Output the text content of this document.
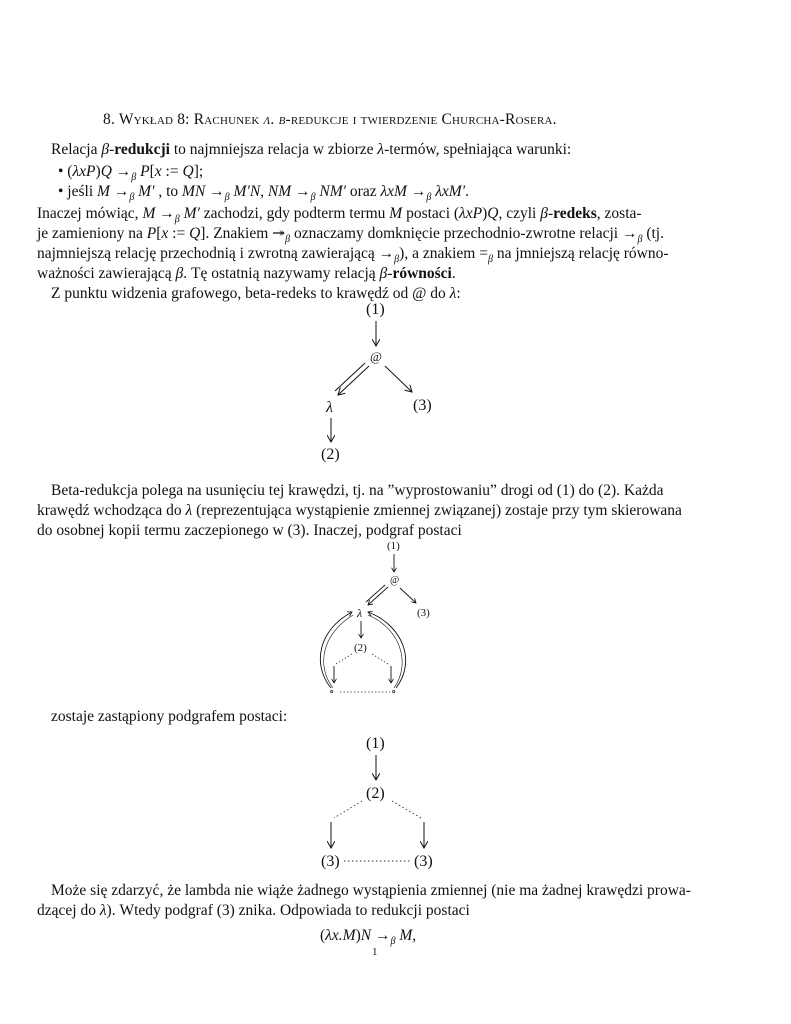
8. Wykład 8: Rachunek λ. β-redukcje i twierdzenie Churcha-Rosera.
Relacja β-redukcji to najmniejsza relacja w zbiorze λ-termów, spełniająca warunki:
• $(\lambda xP)Q \to_\beta$ P[x := Q];
• jeśli $M \to_\beta$ M′ , to MN $\to_\beta$ M′N, NM $\to_\beta$ NM′ oraz $\lambda xM \to_\beta$ λxM′.
Inaczej mówiąc, $M \to_\beta$ M′ zachodzi, gdy podterm termu M postaci (λxP)Q, czyli β-redeks, zosta-
je zamieniony na P[x := Q]. Znakiem $↠_\beta$ oznaczamy domknięcie przechodnio-zwrotne relacji $\to_\beta$ (tj.
najmniejszą relację przechodnią i zwrotną zawierającą $\to_\beta$), a znakiem $=_\beta$ na jmniejszą relację równo-
ważności zawierającą β. Tę ostatnią nazywamy relacją β-równości.
Z punktu widzenia grafowego, beta-redeks to krawędź od @ do λ:
(1)
@
λ	(3)
(2)
Beta-redukcja polega na usunięciu tej krawędzi, tj. na ”wyprostowaniu” drogi od (1) do (2). Każda
krawędź wchodząca do λ (reprezentująca wystąpienie zmiennej związanej) zostaje przy tym skierowana
do osobnej kopii termu zaczepionego w (3). Inaczej, podgraf postaci
(1)
@
(3)
λ
(2)
∘	∘
zostaje zastąpiony podgrafem postaci:
(1)
(2)
(3)	(3)
Może się zdarzyć, że lambda nie wiąże żadnego wystąpienia zmiennej (nie ma żadnej krawędzi prowa-
dzącej do λ). Wtedy podgraf (3) znika. Odpowiada to redukcji postaci
$(\lambda x.M)N \to_\beta$ M,
1
